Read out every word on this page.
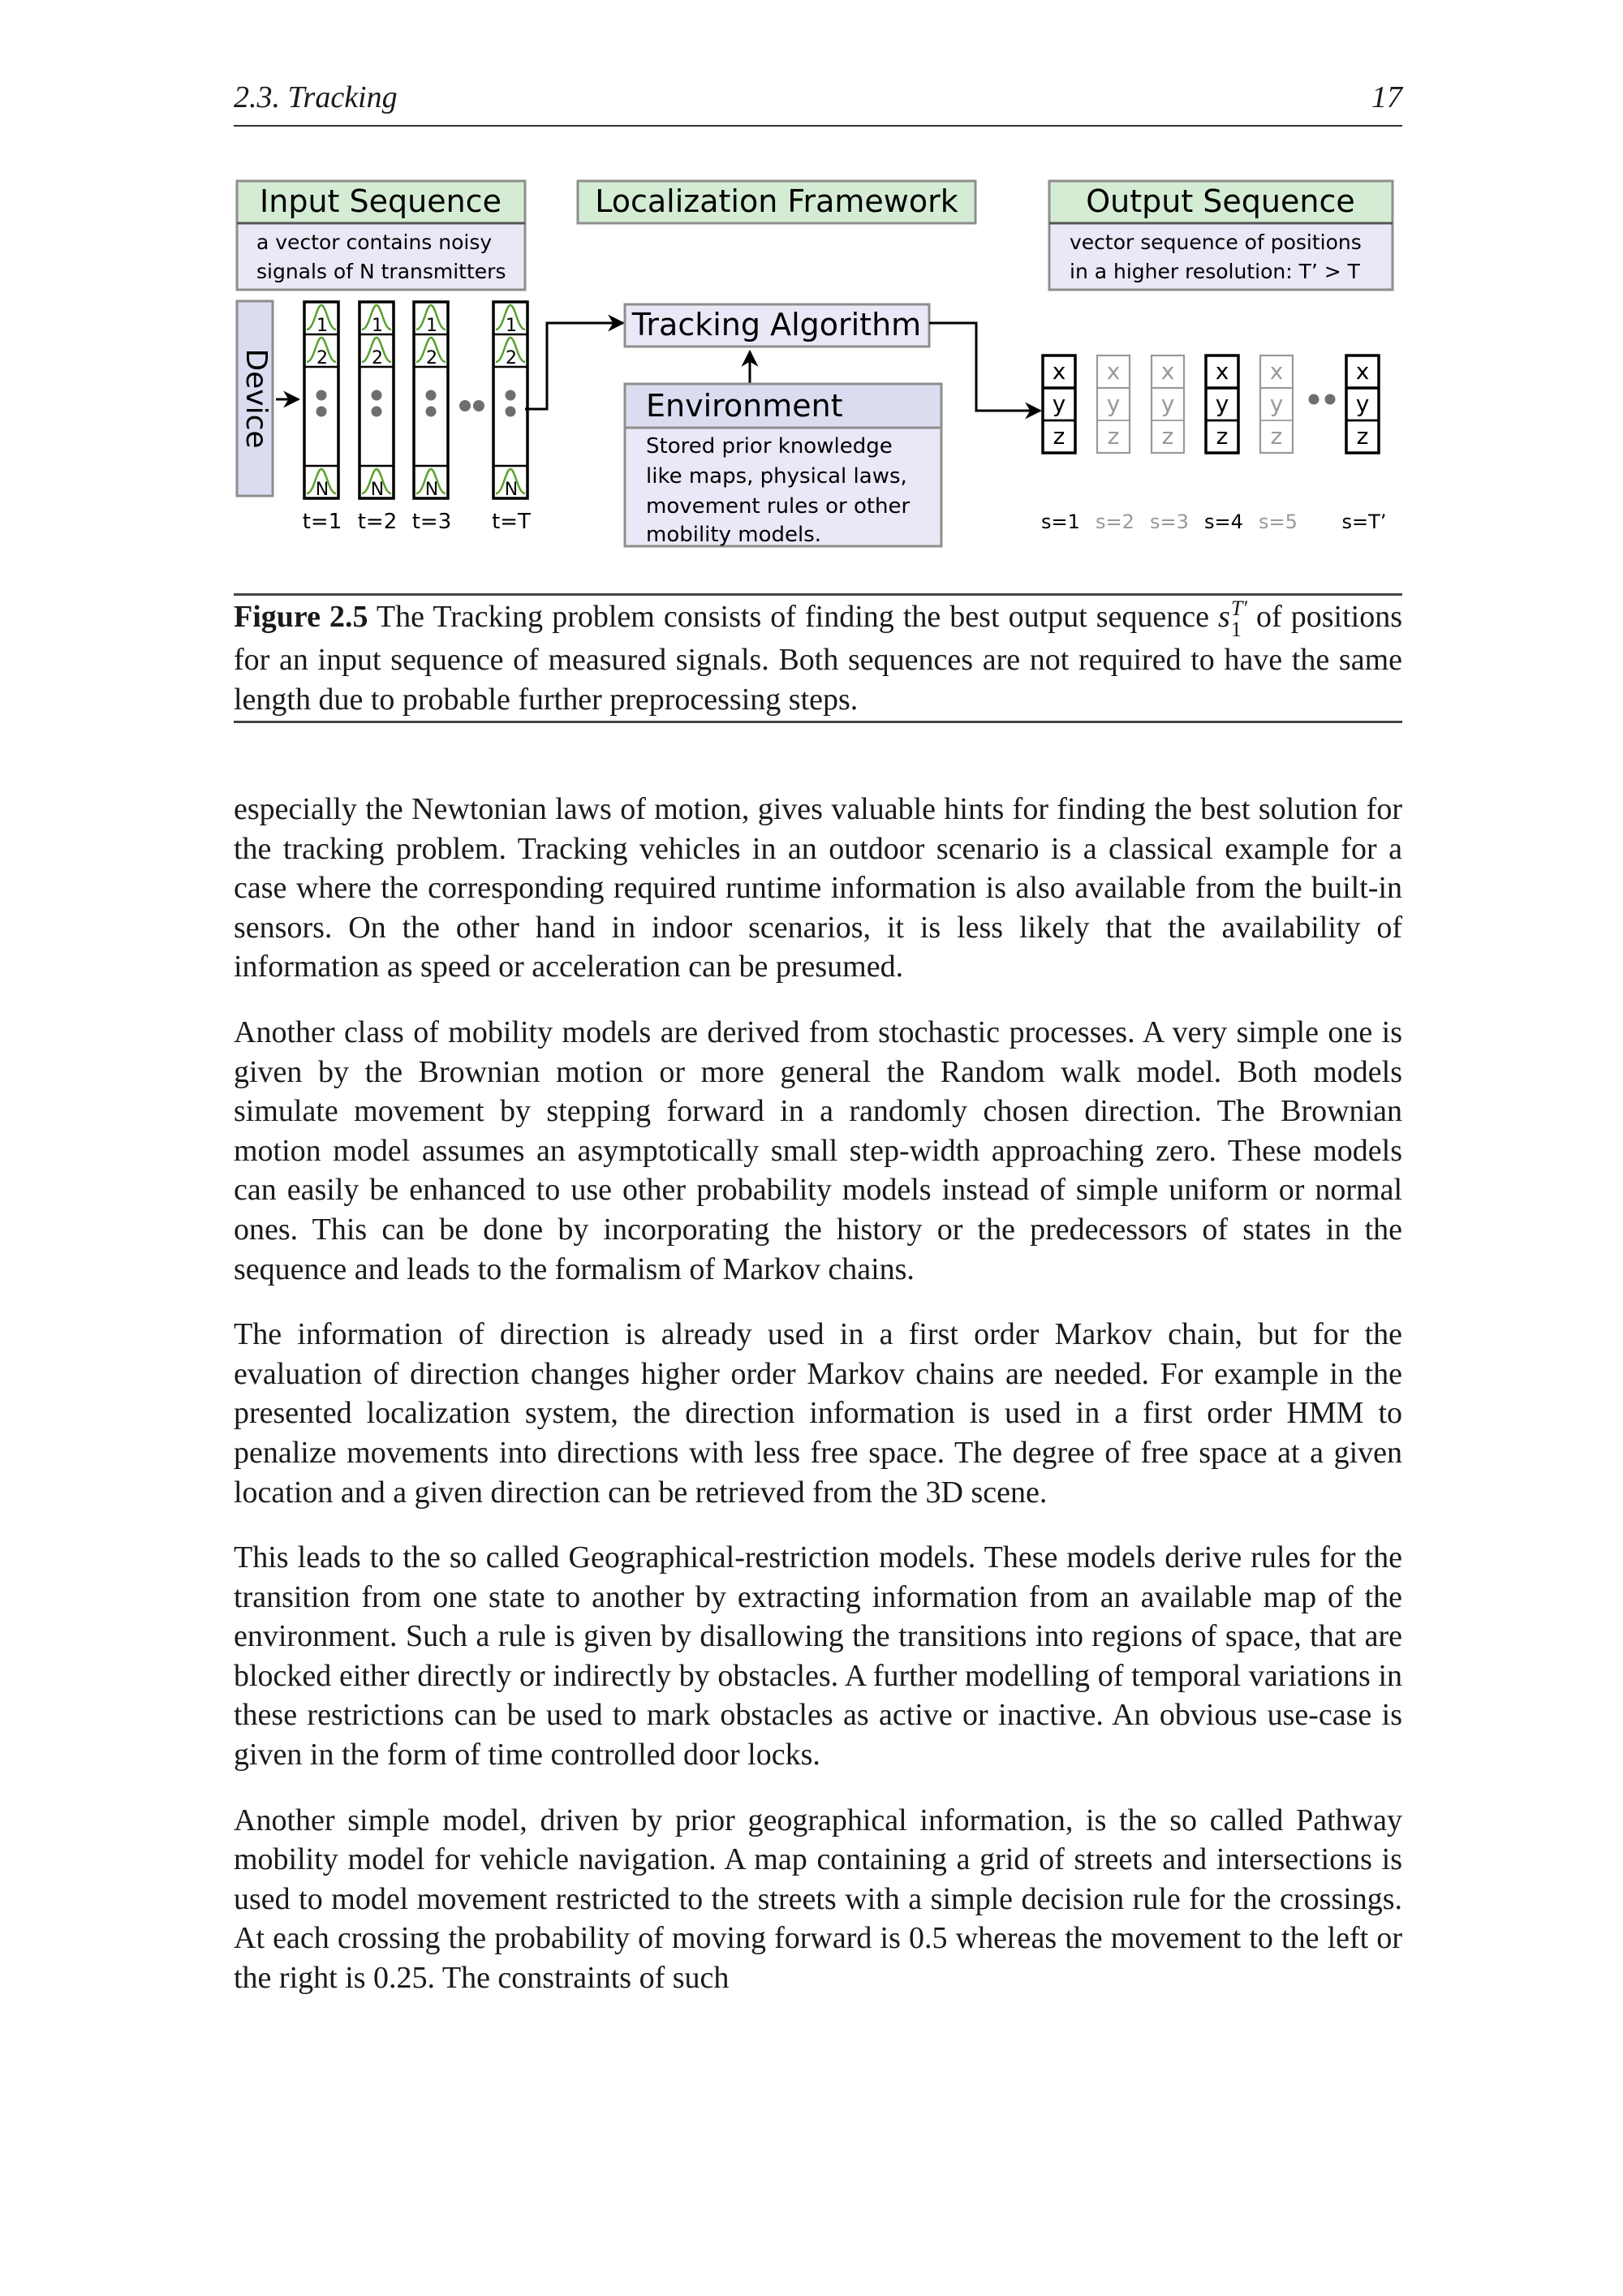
2.3. Tracking	17
Input Sequence
a vector contains noisy
signals of N transmitters
Device
1
2
N
t=1
1
2
N
t=2
1
2
N
t=3
1
2
N
t=T
Localization Framework
Tracking Algorithm
Environment
Stored prior knowledge
like maps, physical laws,
movement rules or other
mobility models.
Output Sequence
vector sequence of positions
in a higher resolution: T’ > T
x
y
z
s=1
x
y
z
s=2
x
y
z
s=3
x
y
z
s=4
x
y
z
s=5
x
y
z
s=T’
Figure 2.5 The Tracking problem consists of finding the best output sequence s T′
1 of positions for an input sequence of measured signals. Both sequences are not required to have the same length due to probable further preprocessing steps.

especially the Newtonian laws of motion, gives valuable hints for finding the best solution for the tracking problem. Tracking vehicles in an outdoor scenario is a classical example for a case where the corresponding required runtime information is also available from the built-in sensors. On the other hand in indoor scenarios, it is less likely that the availability of information as speed or acceleration can be presumed.

Another class of mobility models are derived from stochastic processes. A very simple one is given by the Brownian motion or more general the Random walk model. Both models simulate movement by stepping forward in a randomly chosen direction. The Brownian motion model assumes an asymptotically small step-width approaching zero. These models can easily be enhanced to use other probability models instead of simple uniform or normal ones. This can be done by incorporating the history or the predecessors of states in the sequence and leads to the formalism of Markov chains.

The information of direction is already used in a first order Markov chain, but for the evaluation of direction changes higher order Markov chains are needed. For example in the presented localization system, the direction information is used in a first order HMM to penalize movements into directions with less free space. The degree of free space at a given location and a given direction can be retrieved from the 3D scene.

This leads to the so called Geographical-restriction models. These models derive rules for the transition from one state to another by extracting information from an available map of the environment. Such a rule is given by disallowing the transitions into regions of space, that are blocked either directly or indirectly by obstacles. A further modelling of temporal variations in these restrictions can be used to mark obstacles as active or inactive. An obvious use-case is given in the form of time controlled door locks.

Another simple model, driven by prior geographical information, is the so called Pathway mobility model for vehicle navigation. A map containing a grid of streets and intersections is used to model movement restricted to the streets with a simple decision rule for the crossings. At each crossing the probability of moving forward is 0.5 whereas the movement to the left or the right is 0.25. The constraints of such
